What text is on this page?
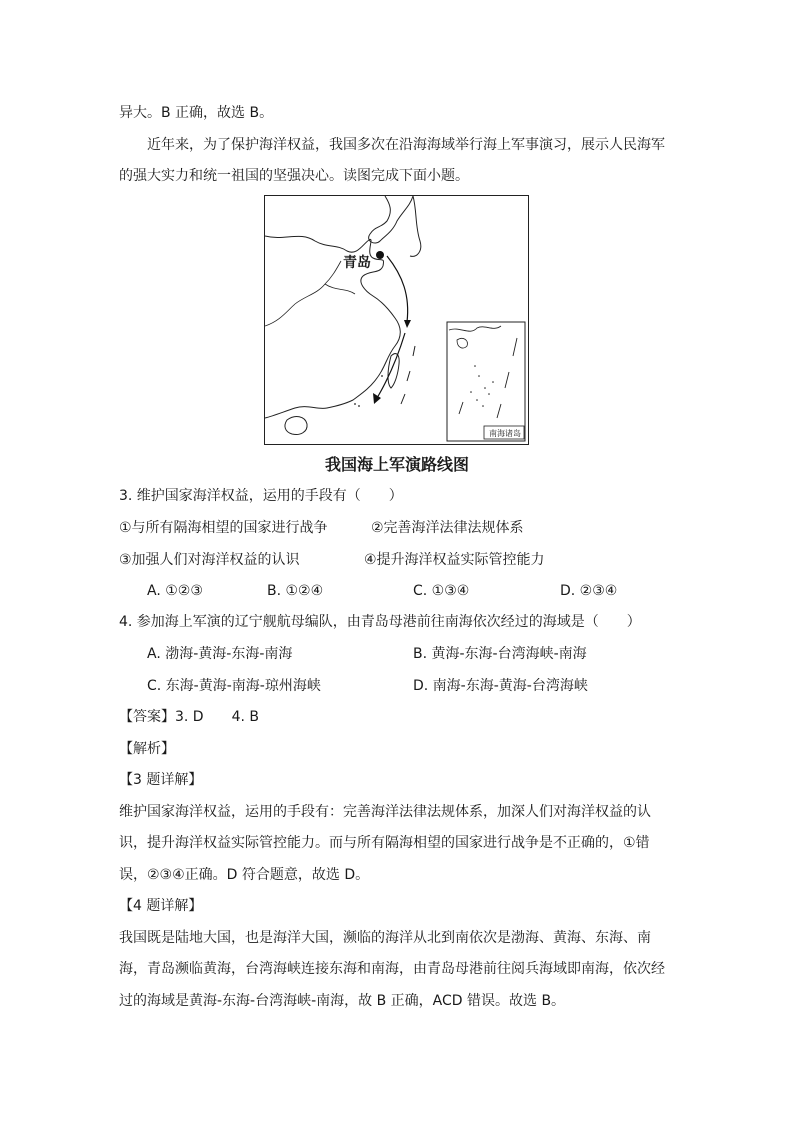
异大。B 正确，故选 B。
近年来，为了保护海洋权益，我国多次在沿海海域举行海上军事演习，展示人民海军
的强大实力和统一祖国的坚强决心。读图完成下面小题。
青岛
南海诸岛
我国海上军演路线图
3. 维护国家海洋权益，运用的手段有（　　）
①与所有隔海相望的国家进行战争	②完善海洋法律法规体系
③加强人们对海洋权益的认识	④提升海洋权益实际管控能力
A. ①②③	B. ①②④	C. ①③④	D. ②③④
4. 参加海上军演的辽宁舰航母编队，由青岛母港前往南海依次经过的海域是（　　）
A. 渤海-黄海-东海-南海	B. 黄海-东海-台湾海峡-南海
C. 东海-黄海-南海-琼州海峡	D. 南海-东海-黄海-台湾海峡
【答案】3. D　　4. B
【解析】
【3 题详解】
维护国家海洋权益，运用的手段有：完善海洋法律法规体系，加深人们对海洋权益的认
识，提升海洋权益实际管控能力。而与所有隔海相望的国家进行战争是不正确的，①错
误，②③④正确。D 符合题意，故选 D。
【4 题详解】
我国既是陆地大国，也是海洋大国，濒临的海洋从北到南依次是渤海、黄海、东海、南
海，青岛濒临黄海，台湾海峡连接东海和南海，由青岛母港前往阅兵海域即南海，依次经
过的海域是黄海-东海-台湾海峡-南海，故 B 正确，ACD 错误。故选 B。
